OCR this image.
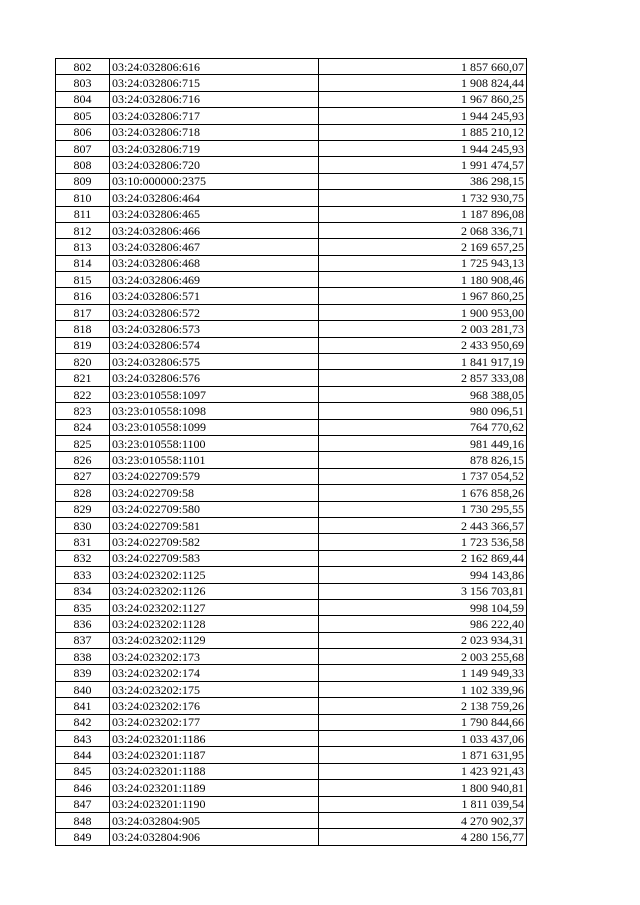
802	03:24:032806:616	1 857 660,07
803	03:24:032806:715	1 908 824,44
804	03:24:032806:716	1 967 860,25
805	03:24:032806:717	1 944 245,93
806	03:24:032806:718	1 885 210,12
807	03:24:032806:719	1 944 245,93
808	03:24:032806:720	1 991 474,57
809	03:10:000000:2375	386 298,15
810	03:24:032806:464	1 732 930,75
811	03:24:032806:465	1 187 896,08
812	03:24:032806:466	2 068 336,71
813	03:24:032806:467	2 169 657,25
814	03:24:032806:468	1 725 943,13
815	03:24:032806:469	1 180 908,46
816	03:24:032806:571	1 967 860,25
817	03:24:032806:572	1 900 953,00
818	03:24:032806:573	2 003 281,73
819	03:24:032806:574	2 433 950,69
820	03:24:032806:575	1 841 917,19
821	03:24:032806:576	2 857 333,08
822	03:23:010558:1097	968 388,05
823	03:23:010558:1098	980 096,51
824	03:23:010558:1099	764 770,62
825	03:23:010558:1100	981 449,16
826	03:23:010558:1101	878 826,15
827	03:24:022709:579	1 737 054,52
828	03:24:022709:58	1 676 858,26
829	03:24:022709:580	1 730 295,55
830	03:24:022709:581	2 443 366,57
831	03:24:022709:582	1 723 536,58
832	03:24:022709:583	2 162 869,44
833	03:24:023202:1125	994 143,86
834	03:24:023202:1126	3 156 703,81
835	03:24:023202:1127	998 104,59
836	03:24:023202:1128	986 222,40
837	03:24:023202:1129	2 023 934,31
838	03:24:023202:173	2 003 255,68
839	03:24:023202:174	1 149 949,33
840	03:24:023202:175	1 102 339,96
841	03:24:023202:176	2 138 759,26
842	03:24:023202:177	1 790 844,66
843	03:24:023201:1186	1 033 437,06
844	03:24:023201:1187	1 871 631,95
845	03:24:023201:1188	1 423 921,43
846	03:24:023201:1189	1 800 940,81
847	03:24:023201:1190	1 811 039,54
848	03:24:032804:905	4 270 902,37
849	03:24:032804:906	4 280 156,77
